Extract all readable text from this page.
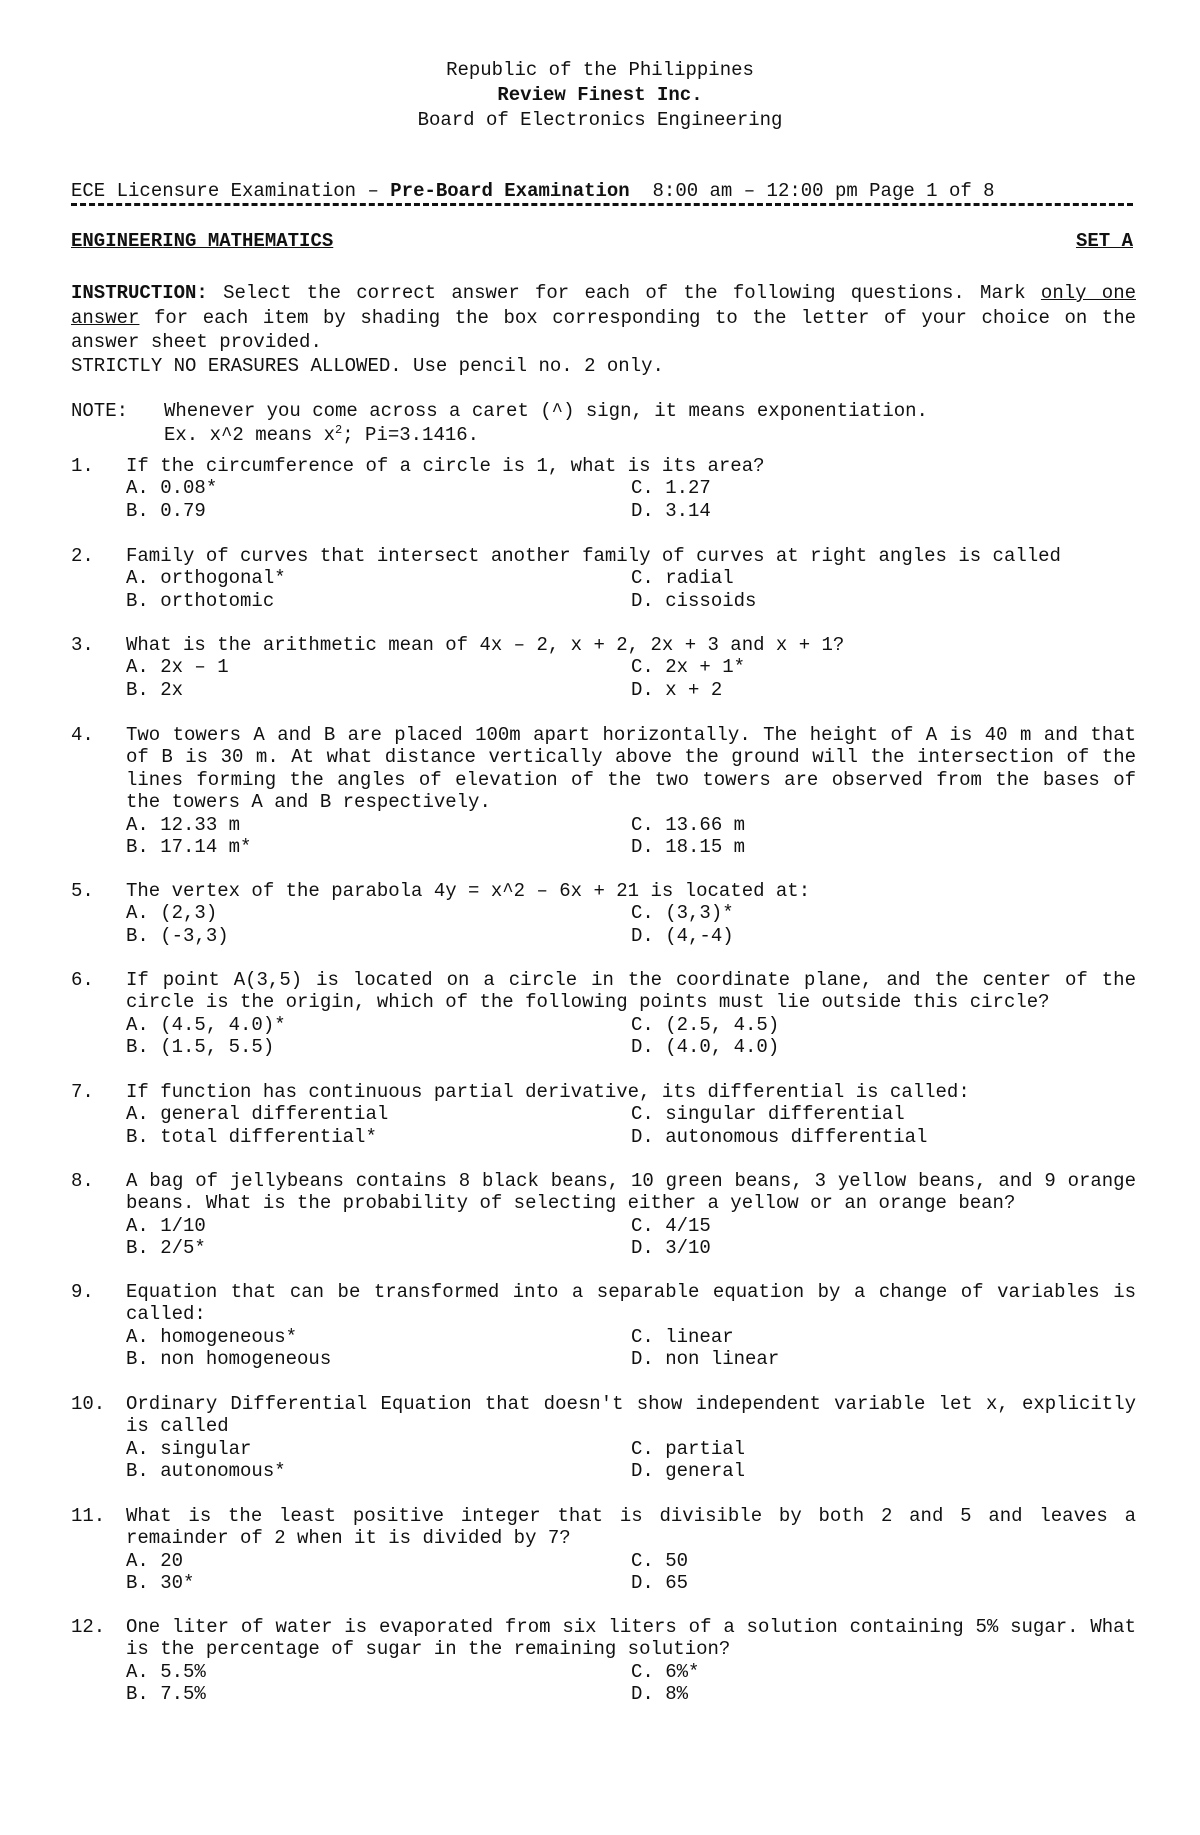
Republic of the Philippines
Review Finest Inc.
Board of Electronics Engineering
ECE Licensure Examination – Pre-Board Examination  8:00 am – 12:00 pm Page 1 of 8
ENGINEERING MATHEMATICS	SET A
INSTRUCTION: Select the correct answer for each of the following questions. Mark only one answer for each item by shading the box corresponding to the letter of your choice on the answer sheet provided.
STRICTLY NO ERASURES ALLOWED. Use pencil no. 2 only.
NOTE: Whenever you come across a caret (^) sign, it means exponentiation.
Ex. x^2 means $x^2$; Pi=3.1416.
1. If the circumference of a circle is 1, what is its area?
A. 0.08*
B. 0.79
C. 1.27
D. 3.14
2. Family of curves that intersect another family of curves at right angles is called
A. orthogonal*
B. orthotomic
C. radial
D. cissoids
3. What is the arithmetic mean of 4x – 2, x + 2, 2x + 3 and x + 1?
A. 2x – 1
B. 2x
C. 2x + 1*
D. x + 2
4. Two towers A and B are placed 100m apart horizontally. The height of A is 40 m and that of B is 30 m. At what distance vertically above the ground will the intersection of the lines forming the angles of elevation of the two towers are observed from the bases of the towers A and B respectively.
A. 12.33 m
B. 17.14 m*
C. 13.66 m
D. 18.15 m
5. The vertex of the parabola 4y = x^2 – 6x + 21 is located at:
A. (2,3)
B. (-3,3)
C. (3,3)*
D. (4,-4)
6. If point A(3,5) is located on a circle in the coordinate plane, and the center of the circle is the origin, which of the following points must lie outside this circle?
A. (4.5, 4.0)*
B. (1.5, 5.5)
C. (2.5, 4.5)
D. (4.0, 4.0)
7. If function has continuous partial derivative, its differential is called:
A. general differential
B. total differential*
C. singular differential
D. autonomous differential
8. A bag of jellybeans contains 8 black beans, 10 green beans, 3 yellow beans, and 9 orange beans. What is the probability of selecting either a yellow or an orange bean?
A. 1/10
B. 2/5*
C. 4/15
D. 3/10
9. Equation that can be transformed into a separable equation by a change of variables is called:
A. homogeneous*
B. non homogeneous
C. linear
D. non linear
10. Ordinary Differential Equation that doesn't show independent variable let x, explicitly is called
A. singular
B. autonomous*
C. partial
D. general
11. What is the least positive integer that is divisible by both 2 and 5 and leaves a remainder of 2 when it is divided by 7?
A. 20
B. 30*
C. 50
D. 65
12. One liter of water is evaporated from six liters of a solution containing 5% sugar. What is the percentage of sugar in the remaining solution?
A. 5.5%
B. 7.5%
C. 6%*
D. 8%
